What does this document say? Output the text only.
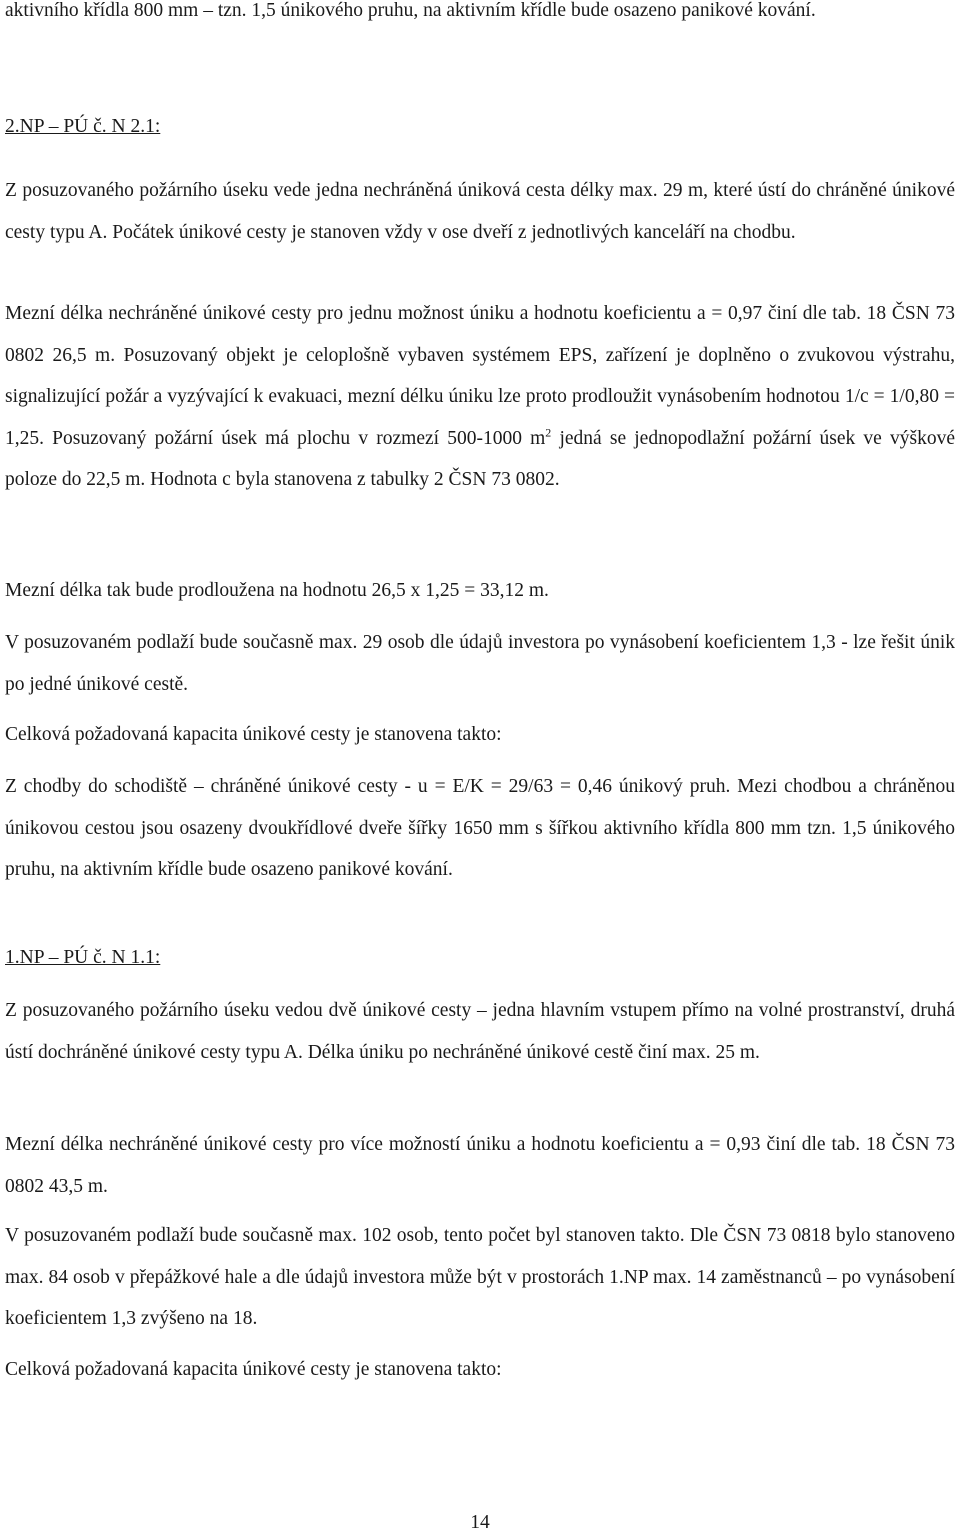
aktivního křídla 800 mm – tzn. 1,5 únikového pruhu, na aktivním křídle bude osazeno panikové kování.

2.NP – PÚ č. N 2.1:

Z posuzovaného požárního úseku vede jedna nechráněná úniková cesta délky max. 29 m, které ústí do chráněné únikové cesty typu A. Počátek únikové cesty je stanoven vždy v ose dveří z jednotlivých kanceláří na chodbu.

Mezní délka nechráněné únikové cesty pro jednu možnost úniku a hodnotu koeficientu a = 0,97 činí dle tab. 18 ČSN 73 0802 26,5 m. Posuzovaný objekt je celoplošně vybaven systémem EPS, zařízení je doplněno o zvukovou výstrahu, signalizující požár a vyzývající k evakuaci, mezní délku úniku lze proto prodloužit vynásobením hodnotou 1/c = 1/0,80 = 1,25. Posuzovaný požární úsek má plochu v rozmezí 500-1000 $m^2$ jedná se jednopodlažní požární úsek ve výškové poloze do 22,5 m. Hodnota c byla stanovena z tabulky 2 ČSN 73 0802.

Mezní délka tak bude prodloužena na hodnotu 26,5 x 1,25 = 33,12 m.

V posuzovaném podlaží bude současně max. 29 osob dle údajů investora po vynásobení koeficientem 1,3 - lze řešit únik po jedné únikové cestě.

Celková požadovaná kapacita únikové cesty je stanovena takto:

Z chodby do schodiště – chráněné únikové cesty - u = E/K = 29/63 = 0,46 únikový pruh. Mezi chodbou a chráněnou únikovou cestou jsou osazeny dvoukřídlové dveře šířky 1650 mm s šířkou aktivního křídla 800 mm tzn. 1,5 únikového pruhu, na aktivním křídle bude osazeno panikové kování.

1.NP – PÚ č. N 1.1:

Z posuzovaného požárního úseku vedou dvě únikové cesty – jedna hlavním vstupem přímo na volné prostranství, druhá ústí dochráněné únikové cesty typu A. Délka úniku po nechráněné únikové cestě činí max. 25 m.

Mezní délka nechráněné únikové cesty pro více možností úniku a hodnotu koeficientu a = 0,93 činí dle tab. 18 ČSN 73 0802 43,5 m.

V posuzovaném podlaží bude současně max. 102 osob, tento počet byl stanoven takto. Dle ČSN 73 0818 bylo stanoveno max. 84 osob v přepážkové hale a dle údajů investora může být v prostorách 1.NP max. 14 zaměstnanců – po vynásobení koeficientem 1,3 zvýšeno na 18.

Celková požadovaná kapacita únikové cesty je stanovena takto:

14
